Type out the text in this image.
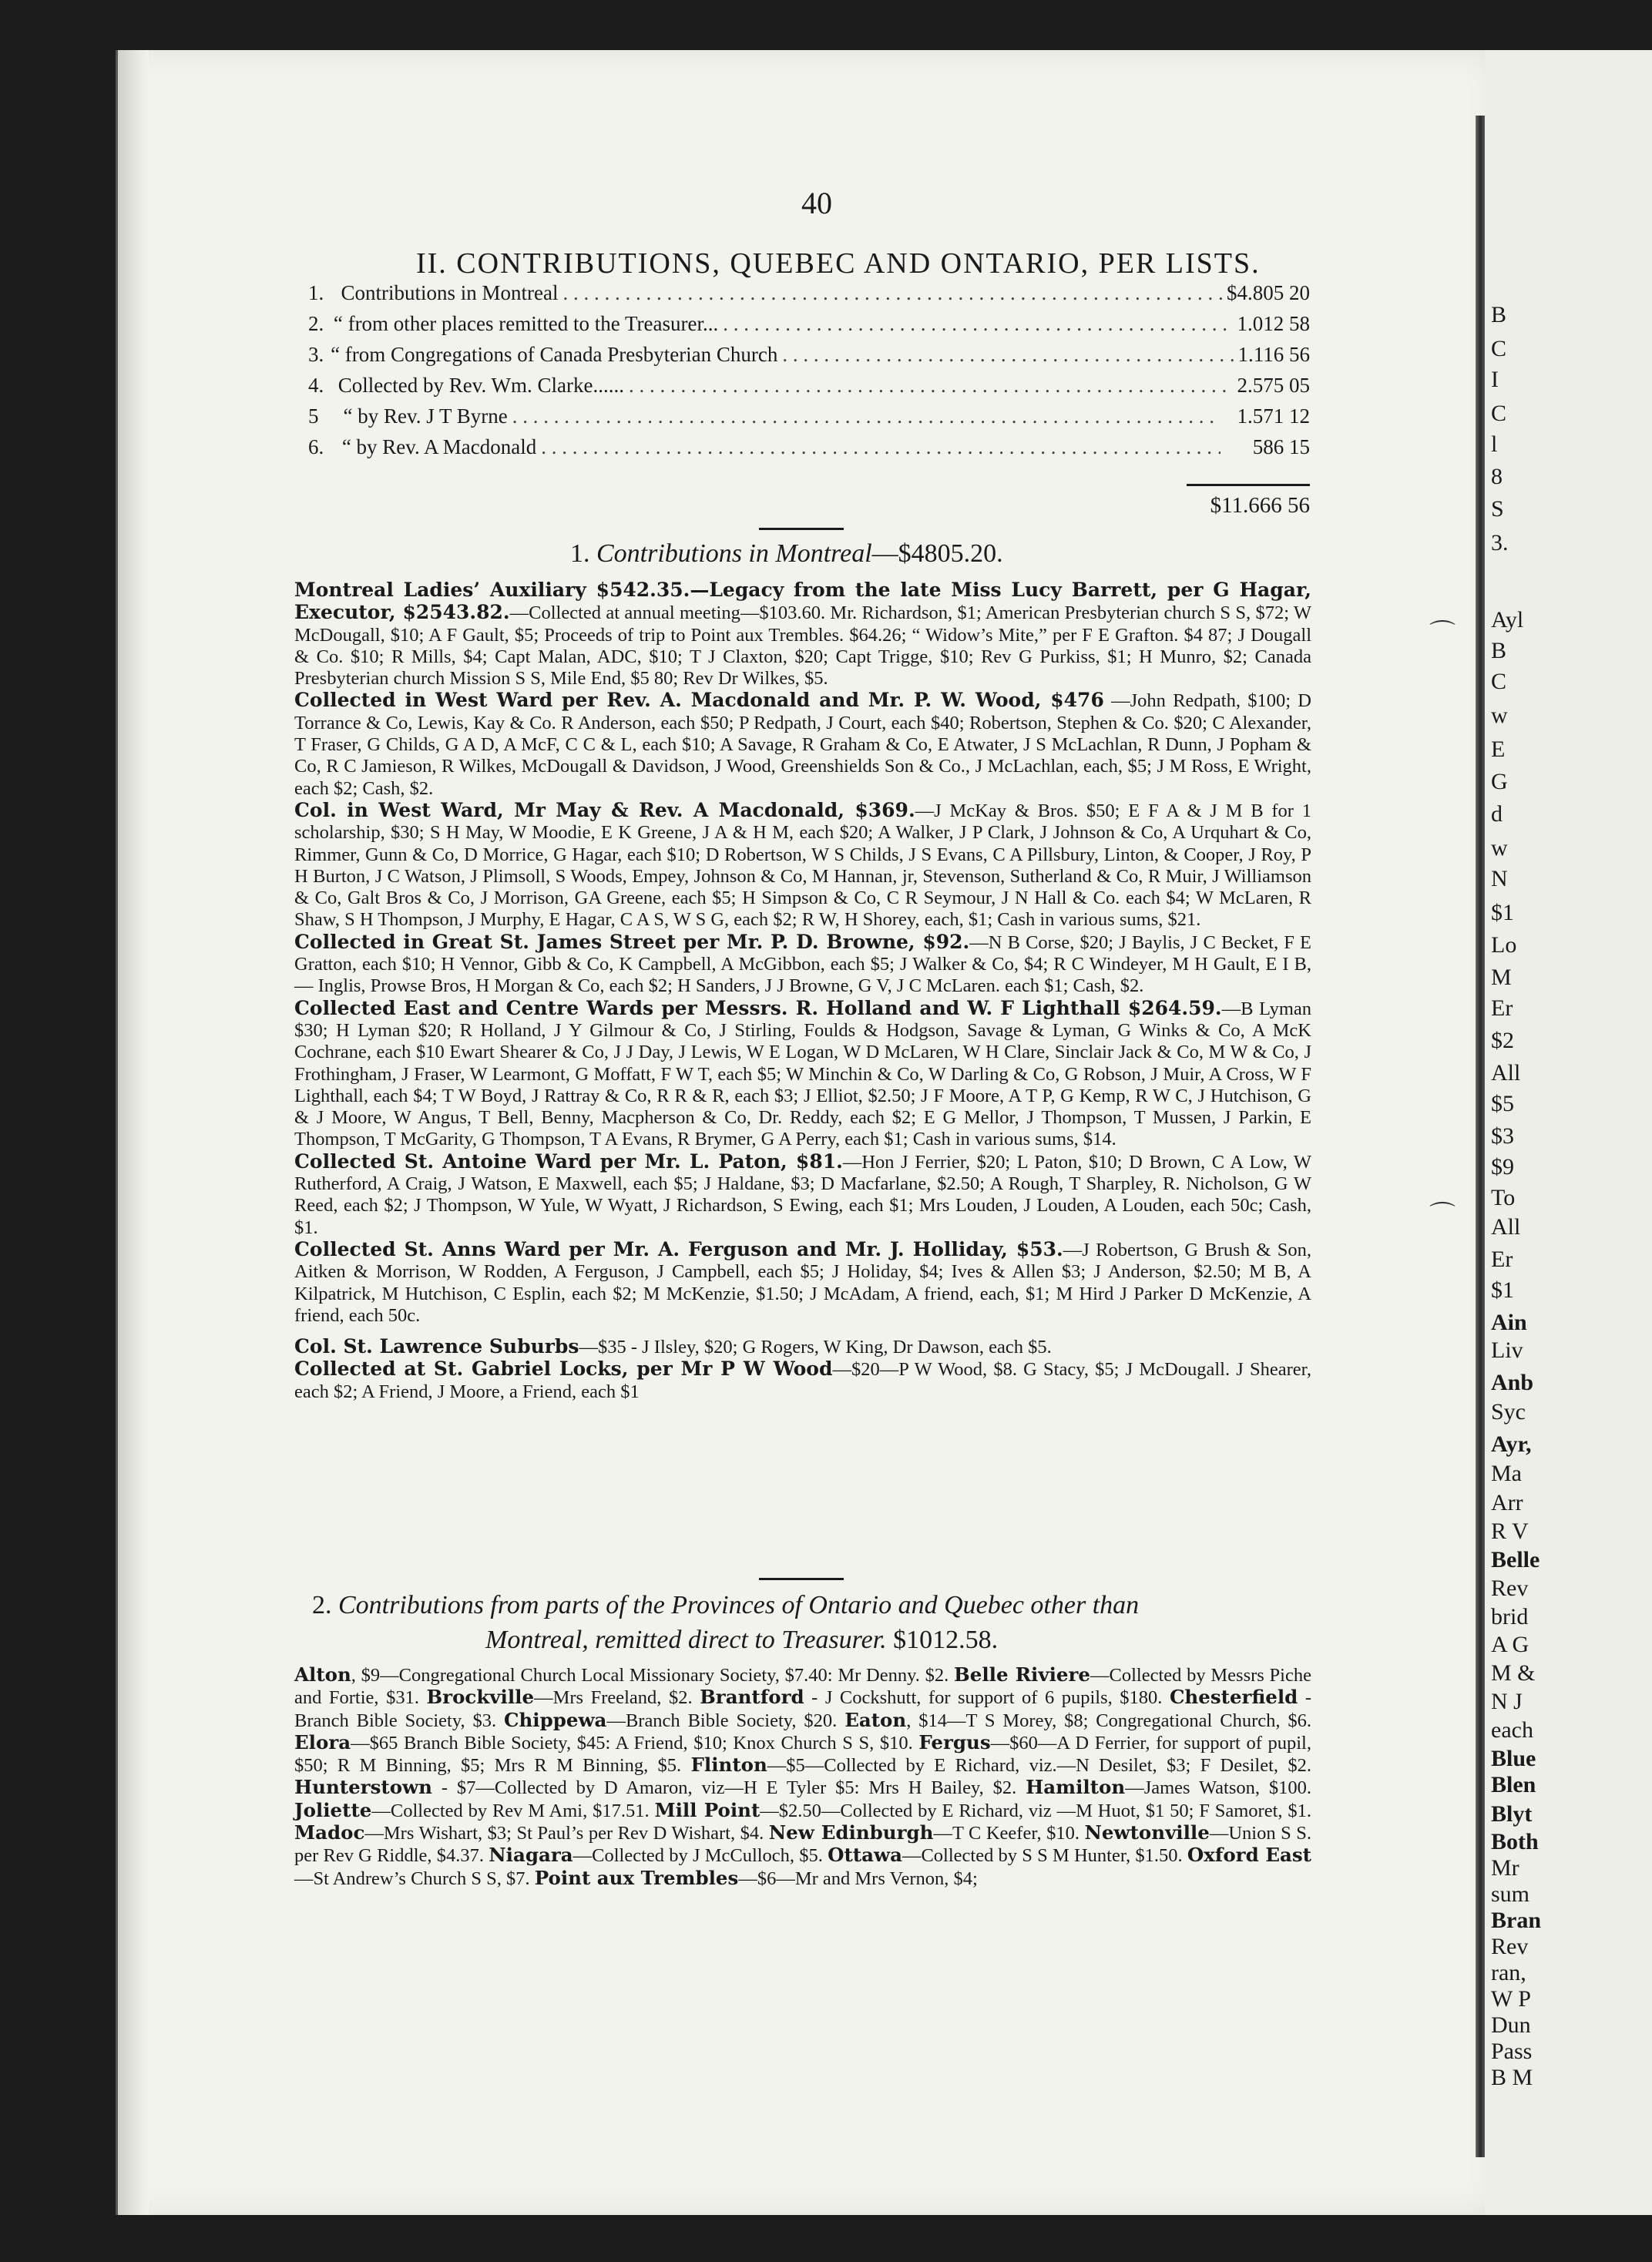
B
C
I
C
l
8
S
3.
Ayl
B
C
w
E
G
d
w
N
$1
Lo
M
Er
$2
All
$5
$3
$9
To
All
Er
$1
Ain
Liv
Anb
Syc
Ayr,
Ma
Arr
R V
Belle
Rev
brid
A G
M &
N J
each
Blue
Blen
Blyt
Both
Mr
sum
Bran
Rev
ran,
W P
Dun
Pass
B M
⌒
⌒
40
II. CONTRIBUTIONS, QUEBEC AND ONTARIO, PER LISTS.
1. Contributions in Montreal . . .	$4.805 20
2. “ from other places remitted to the Treasurer... . . .	1.012 58
3. “ from Congregations of Canada Presbyterian Church . . .	1.116 56
4. Collected by Rev. Wm. Clarke...... . . .	2.575 05
5	“ by Rev. J T Byrne . . .	1.571 12
6. “ by Rev. A Macdonald . . .	586 15
$11.666 56
1. Contributions in Montreal—$4805.20.

Montreal Ladies’ Auxiliary $542.35.—Legacy from the late Miss Lucy Barrett, per G Hagar, Executor, $2543.82.—Collected at annual meeting—$103.60. Mr. Richardson, $1; American Presbyterian church S S, $72; W McDougall, $10; A F Gault, $5; Proceeds of trip to Point aux Trembles. $64.26; “ Widow’s Mite,” per F E Grafton. $4 87; J Dougall & Co. $10; R Mills, $4; Capt Malan, ADC, $10; T J Claxton, $20; Capt Trigge, $10; Rev G Purkiss, $1; H Munro, $2; Canada Presbyterian church Mission S S, Mile End, $5 80; Rev Dr Wilkes, $5.

Collected in West Ward per Rev. A. Macdonald and Mr. P. W. Wood, $476 —John Redpath, $100; D Torrance & Co, Lewis, Kay & Co. R Anderson, each $50; P Redpath, J Court, each $40; Robertson, Stephen & Co. $20; C Alexander, T Fraser, G Childs, G A D, A McF, C C & L, each $10; A Savage, R Graham & Co, E Atwater, J S McLachlan, R Dunn, J Popham & Co, R C Jamieson, R Wilkes, McDougall & Davidson, J Wood, Greenshields Son & Co., J McLachlan, each, $5; J M Ross, E Wright, each $2; Cash, $2.

Col. in West Ward, Mr May & Rev. A Macdonald, $369.—J McKay & Bros. $50; E F A & J M B for 1 scholarship, $30; S H May, W Moodie, E K Greene, J A & H M, each $20; A Walker, J P Clark, J Johnson & Co, A Urquhart & Co, Rimmer, Gunn & Co, D Morrice, G Hagar, each $10; D Robertson, W S Childs, J S Evans, C A Pillsbury, Linton, & Cooper, J Roy, P H Burton, J C Watson, J Plimsoll, S Woods, Empey, Johnson & Co, M Hannan, jr, Stevenson, Sutherland & Co, R Muir, J Williamson & Co, Galt Bros & Co, J Morrison, GA Greene, each $5; H Simpson & Co, C R Seymour, J N Hall & Co. each $4; W McLaren, R Shaw, S H Thompson, J Murphy, E Hagar, C A S, W S G, each $2; R W, H Shorey, each, $1; Cash in various sums, $21.

Collected in Great St. James Street per Mr. P. D. Browne, $92.—N B Corse, $20; J Baylis, J C Becket, F E Gratton, each $10; H Vennor, Gibb & Co, K Campbell, A McGibbon, each $5; J Walker & Co, $4; R C Windeyer, M H Gault, E I B,— Inglis, Prowse Bros, H Morgan & Co, each $2; H Sanders, J J Browne, G V, J C McLaren. each $1; Cash, $2.

Collected East and Centre Wards per Messrs. R. Holland and W. F Lighthall $264.59.—B Lyman $30; H Lyman $20; R Holland, J Y Gilmour & Co, J Stirling, Foulds & Hodgson, Savage & Lyman, G Winks & Co, A McK Cochrane, each $10 Ewart Shearer & Co, J J Day, J Lewis, W E Logan, W D McLaren, W H Clare, Sinclair Jack & Co, M W & Co, J Frothingham, J Fraser, W Learmont, G Moffatt, F W T, each $5; W Minchin & Co, W Darling & Co, G Robson, J Muir, A Cross, W F Lighthall, each $4; T W Boyd, J Rattray & Co, R R & R, each $3; J Elliot, $2.50; J F Moore, A T P, G Kemp, R W C, J Hutchison, G & J Moore, W Angus, T Bell, Benny, Macpherson & Co, Dr. Reddy, each $2; E G Mellor, J Thompson, T Mussen, J Parkin, E Thompson, T McGarity, G Thompson, T A Evans, R Brymer, G A Perry, each $1; Cash in various sums, $14.

Collected St. Antoine Ward per Mr. L. Paton, $81.—Hon J Ferrier, $20; L Paton, $10; D Brown, C A Low, W Rutherford, A Craig, J Watson, E Maxwell, each $5; J Haldane, $3; D Macfarlane, $2.50; A Rough, T Sharpley, R. Nicholson, G W Reed, each $2; J Thompson, W Yule, W Wyatt, J Richardson, S Ewing, each $1; Mrs Louden, J Louden, A Louden, each 50c; Cash, $1.

Collected St. Anns Ward per Mr. A. Ferguson and Mr. J. Holliday, $53.—J Robertson, G Brush & Son, Aitken & Morrison, W Rodden, A Ferguson, J Campbell, each $5; J Holiday, $4; Ives & Allen $3; J Anderson, $2.50; M B, A Kilpatrick, M Hutchison, C Esplin, each $2; M McKenzie, $1.50; J McAdam, A friend, each, $1; M Hird J Parker D McKenzie, A friend, each 50c.

Col. St. Lawrence Suburbs—$35 - J Ilsley, $20; G Rogers, W King, Dr Dawson, each $5.

Collected at St. Gabriel Locks, per Mr P W Wood—$20—P W Wood, $8. G Stacy, $5; J McDougall. J Shearer, each $2; A Friend, J Moore, a Friend, each $1

2. Contributions from parts of the Provinces of Ontario and Quebec other than
Montreal, remitted direct to Treasurer. $1012.58.

Alton, $9—Congregational Church Local Missionary Society, $7.40: Mr Denny. $2. Belle Riviere—Collected by Messrs Piche and Fortie, $31. Brockville—Mrs Freeland, $2. Brantford - J Cockshutt, for support of 6 pupils, $180. Chesterfield - Branch Bible Society, $3. Chippewa—Branch Bible Society, $20. Eaton, $14—T S Morey, $8; Congregational Church, $6. Elora—$65 Branch Bible Society, $45: A Friend, $10; Knox Church S S, $10. Fergus—$60—A D Ferrier, for support of pupil, $50; R M Binning, $5; Mrs R M Binning, $5. Flinton—$5—Collected by E Richard, viz.—N Desilet, $3; F Desilet, $2. Hunterstown - $7—Collected by D Amaron, viz—H E Tyler $5: Mrs H Bailey, $2. Hamilton—James Watson, $100. Joliette—Collected by Rev M Ami, $17.51. Mill Point—$2.50—Collected by E Richard, viz —M Huot, $1 50; F Samoret, $1. Madoc—Mrs Wishart, $3; St Paul’s per Rev D Wishart, $4. New Edinburgh—T C Keefer, $10. Newtonville—Union S S. per Rev G Riddle, $4.37. Niagara—Collected by J McCulloch, $5. Ottawa—Collected by S S M Hunter, $1.50. Oxford East—St Andrew’s Church S S, $7. Point aux Trembles—$6—Mr and Mrs Vernon, $4;
